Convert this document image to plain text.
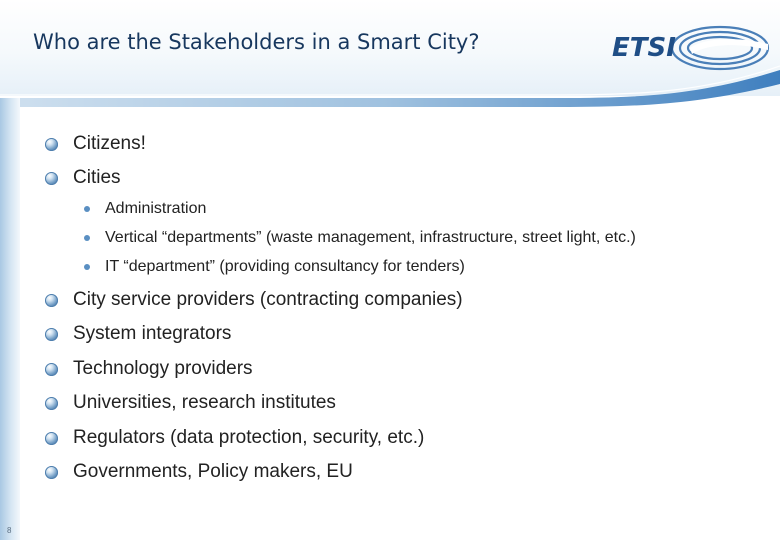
Who are the Stakeholders in a Smart City?	ETSI
Citizens!
Cities
Administration
Vertical “departments” (waste management, infrastructure, street light, etc.)
IT “department” (providing consultancy for tenders)
City service providers (contracting companies)
System integrators
Technology providers
Universities, research institutes
Regulators (data protection, security, etc.)
Governments, Policy makers, EU
8
